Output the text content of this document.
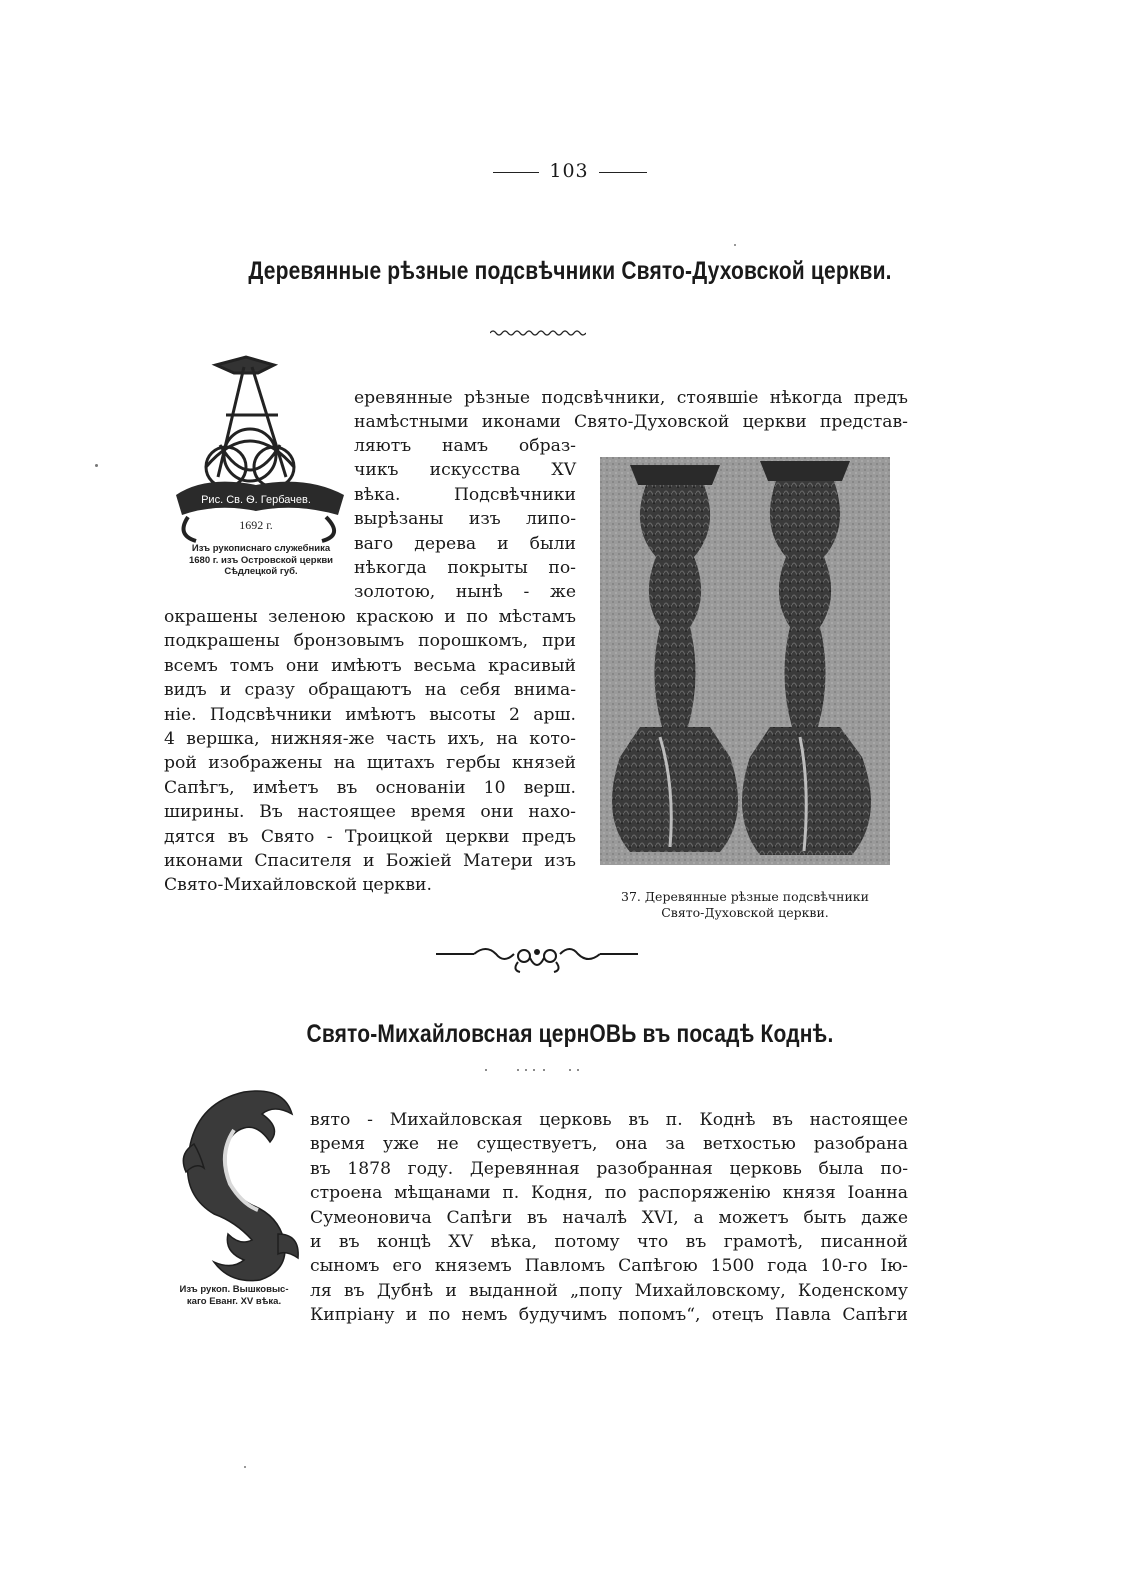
103
Деревянные рѣзные подсвѣчники Свято-Духовской церкви.
Рис. Св. Ѳ. Гербачев.
1692 г.
Изъ рукописнаго служебника
1680 г. изъ Островской церкви
Сѣдлецкой губ.
еревянные рѣзные подсвѣчники, стоявшіе нѣкогда предъ
намѣстными иконами Свято-Духовской церкви представ-
ляютъ намъ образ-
чикъ искусства XV
вѣка. Подсвѣчники
вырѣзаны изъ липо-
ваго дерева и были
нѣкогда покрыты по-
золотою, нынѣ - же
окрашены зеленою краскою и по мѣстамъ
подкрашены бронзовымъ порошкомъ, при
всемъ томъ они имѣютъ весьма красивый
видъ и сразу обращаютъ на себя внима-
ніе. Подсвѣчники имѣютъ высоты 2 арш.
4 вершка, нижняя-же часть ихъ, на кото-
рой изображены на щитахъ гербы князей
Сапѣгъ, имѣетъ въ основаніи 10 верш.
ширины. Въ настоящее время они нахо-
дятся въ Свято - Троицкой церкви предъ
иконами Спасителя и Божіей Матери изъ
Свято-Михайловской церкви.
37. Деревянные рѣзные подсвѣчники
Свято-Духовской церкви.
Свято-Михайловсная цернОВЬ въ посадѣ Коднѣ.
Изъ рукоп. Вышковыс-
каго Еванг. XV вѣка.
вято - Михайловская церковь въ п. Коднѣ въ настоящее
время уже не существуетъ, она за ветхостью разобрана
въ 1878 году. Деревянная разобранная церковь была по-
строена мѣщанами п. Кодня, по распоряженію князя Іоанна
Сумеоновича Сапѣги въ началѣ XVI, а можетъ быть даже
и въ концѣ XV вѣка, потому что въ грамотѣ, писанной
сыномъ его княземъ Павломъ Сапѣгою 1500 года 10-го Ію-
ля въ Дубнѣ и выданной „попу Михайловскому, Коденскому
Кипріану и по немъ будучимъ попомъ“, отецъ Павла Сапѣги
